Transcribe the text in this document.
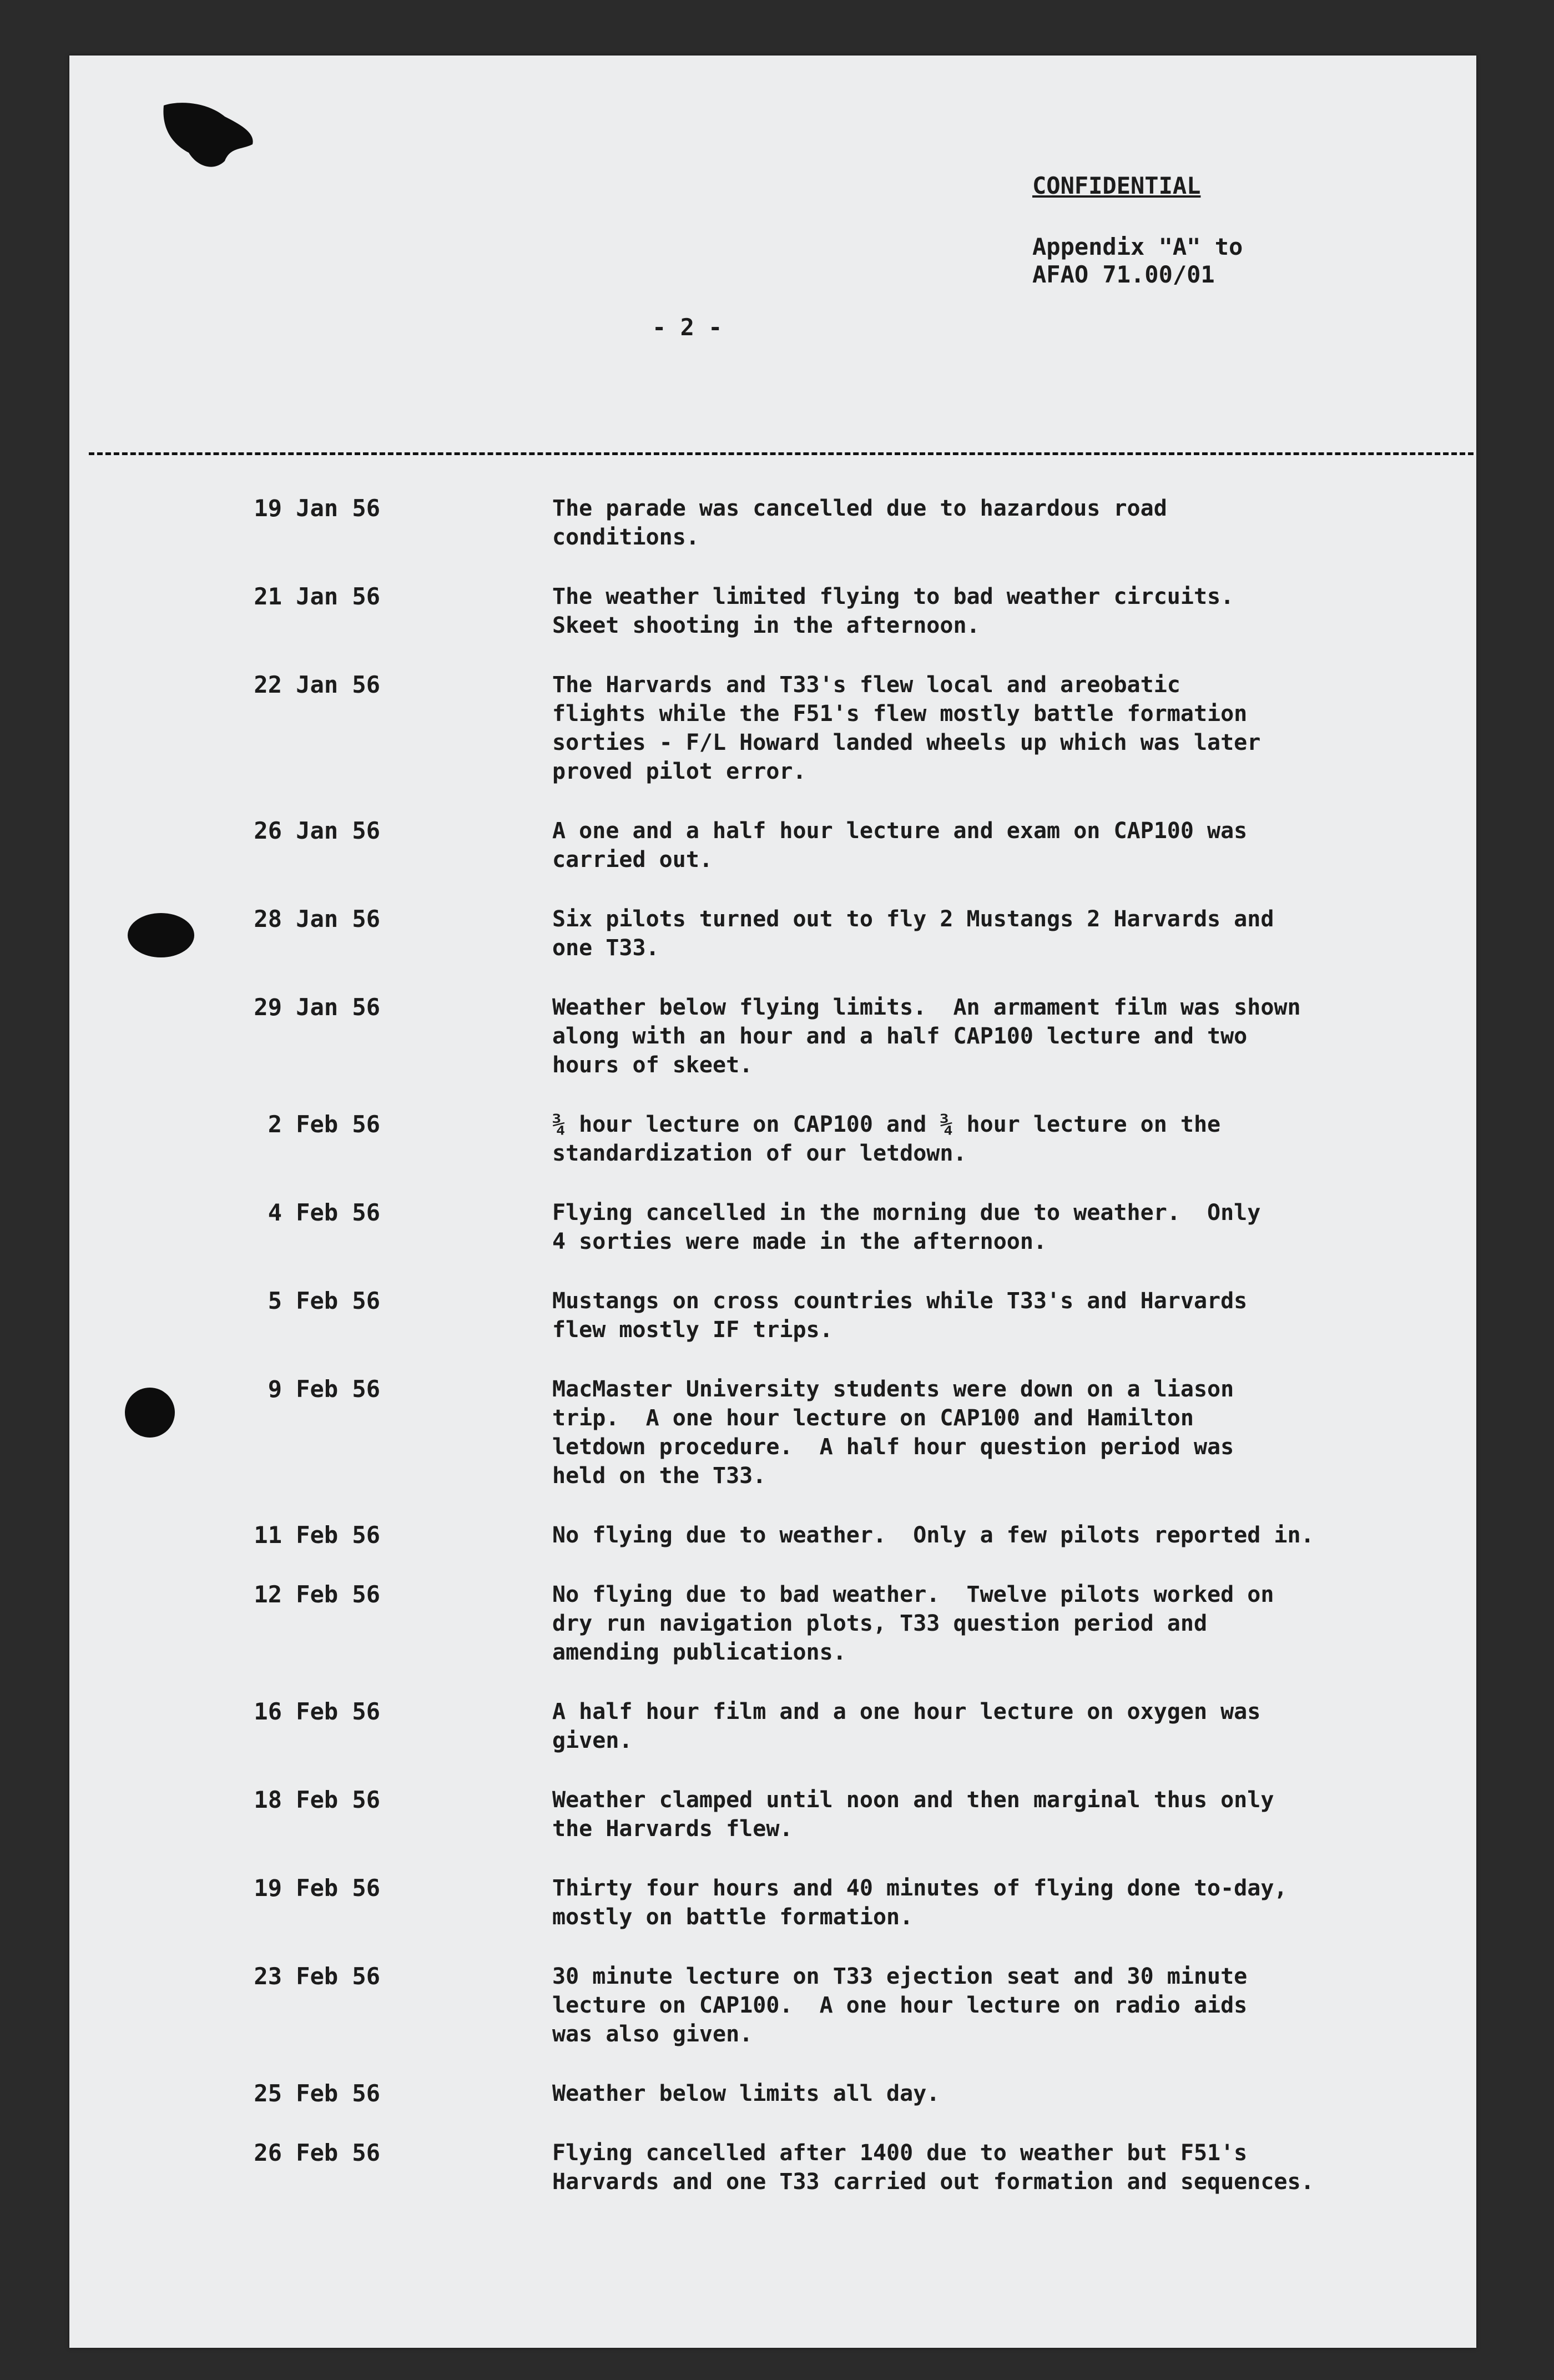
CONFIDENTIAL
Appendix "A" to
AFAO 71.00/01
- 2 -
19 Jan 56	The parade was cancelled due to hazardous road
conditions.
21 Jan 56	The weather limited flying to bad weather circuits.
Skeet shooting in the afternoon.
22 Jan 56	The Harvards and T33's flew local and areobatic
flights while the F51's flew mostly battle formation
sorties - F/L Howard landed wheels up which was later
proved pilot error.
26 Jan 56	A one and a half hour lecture and exam on CAP100 was
carried out.
28 Jan 56	Six pilots turned out to fly 2 Mustangs 2 Harvards and
one T33.
29 Jan 56	Weather below flying limits.  An armament film was shown
along with an hour and a half CAP100 lecture and two
hours of skeet.
2 Feb 56	¾ hour lecture on CAP100 and ¾ hour lecture on the
standardization of our letdown.
4 Feb 56	Flying cancelled in the morning due to weather.  Only
4 sorties were made in the afternoon.
5 Feb 56	Mustangs on cross countries while T33's and Harvards
flew mostly IF trips.
9 Feb 56	MacMaster University students were down on a liason
trip.  A one hour lecture on CAP100 and Hamilton
letdown procedure.  A half hour question period was
held on the T33.
11 Feb 56	No flying due to weather.  Only a few pilots reported in.
12 Feb 56	No flying due to bad weather.  Twelve pilots worked on
dry run navigation plots, T33 question period and
amending publications.
16 Feb 56	A half hour film and a one hour lecture on oxygen was
given.
18 Feb 56	Weather clamped until noon and then marginal thus only
the Harvards flew.
19 Feb 56	Thirty four hours and 40 minutes of flying done to-day,
mostly on battle formation.
23 Feb 56	30 minute lecture on T33 ejection seat and 30 minute
lecture on CAP100.  A one hour lecture on radio aids
was also given.
25 Feb 56	Weather below limits all day.
26 Feb 56	Flying cancelled after 1400 due to weather but F51's
Harvards and one T33 carried out formation and sequences.
